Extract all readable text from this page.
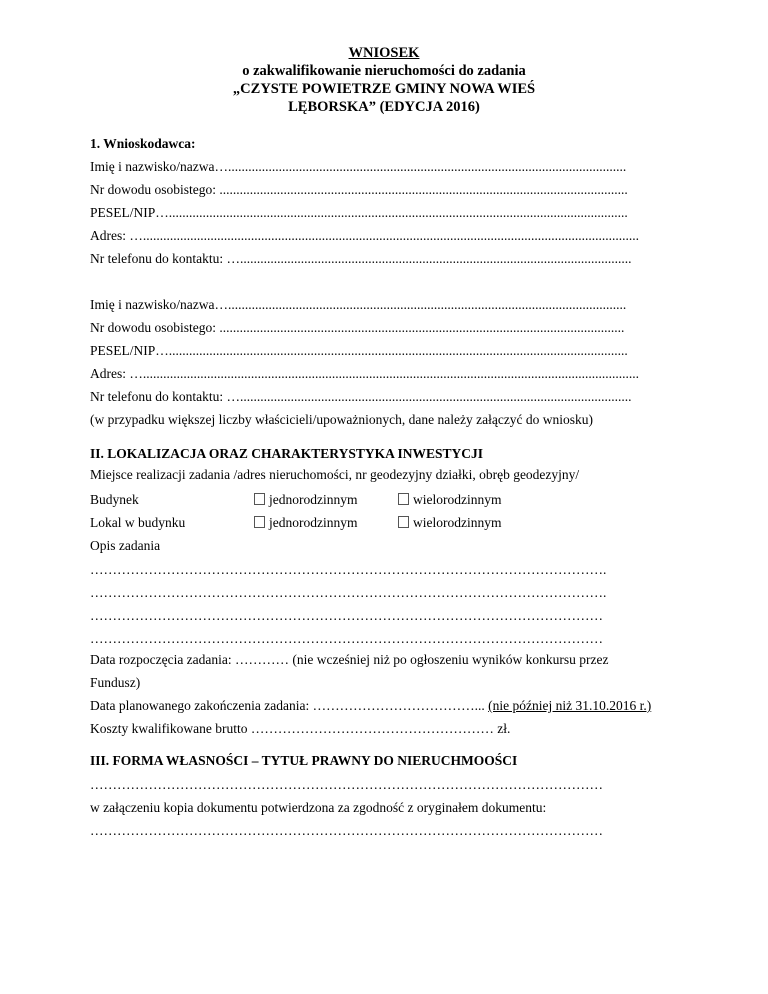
WNIOSEK
o zakwalifikowanie nieruchomości do zadania
„CZYSTE POWIETRZE GMINY NOWA WIEŚ
LĘBORSKA” (EDYCJA 2016)
1. Wnioskodawca:
Imię i nazwisko/nazwa…......................................................................................................................
Nr dowodu osobistego: .........................................................................................................................
PESEL/NIP…........................................................................................................................................
Adres: …...................................................................................................................................................
Nr telefonu do kontaktu: …....................................................................................................................
Imię i nazwisko/nazwa…......................................................................................................................
Nr dowodu osobistego: ........................................................................................................................
PESEL/NIP…........................................................................................................................................
Adres: …...................................................................................................................................................
Nr telefonu do kontaktu: …....................................................................................................................
(w przypadku większej liczby właścicieli/upoważnionych, dane należy załączyć do wniosku)
II. LOKALIZACJA ORAZ CHARAKTERYSTYKA INWESTYCJI
Miejsce realizacji zadania /adres nieruchomości, nr geodezyjny działki, obręb geodezyjny/
Budynek	jednorodzinnym	wielorodzinnym
Lokal w budynku	jednorodzinnym	wielorodzinnym
Opis zadania
…………………………………………………………………………………………………….
…………………………………………………………………………………………………….
……………………………………………………………………………………………………
……………………………………………………………………………………………………
Data rozpoczęcia zadania: ………… (nie wcześniej niż po ogłoszeniu wyników konkursu przez
Fundusz)
Data planowanego zakończenia zadania: ………………………………... (nie później niż 31.10.2016 r.)
Koszty kwalifikowane brutto ……………………………………………… zł.
III. FORMA WŁASNOŚCI – TYTUŁ PRAWNY DO NIERUCHMOOŚCI
……………………………………………………………………………………………………
w załączeniu kopia dokumentu potwierdzona za zgodność z oryginałem dokumentu:
……………………………………………………………………………………………………
